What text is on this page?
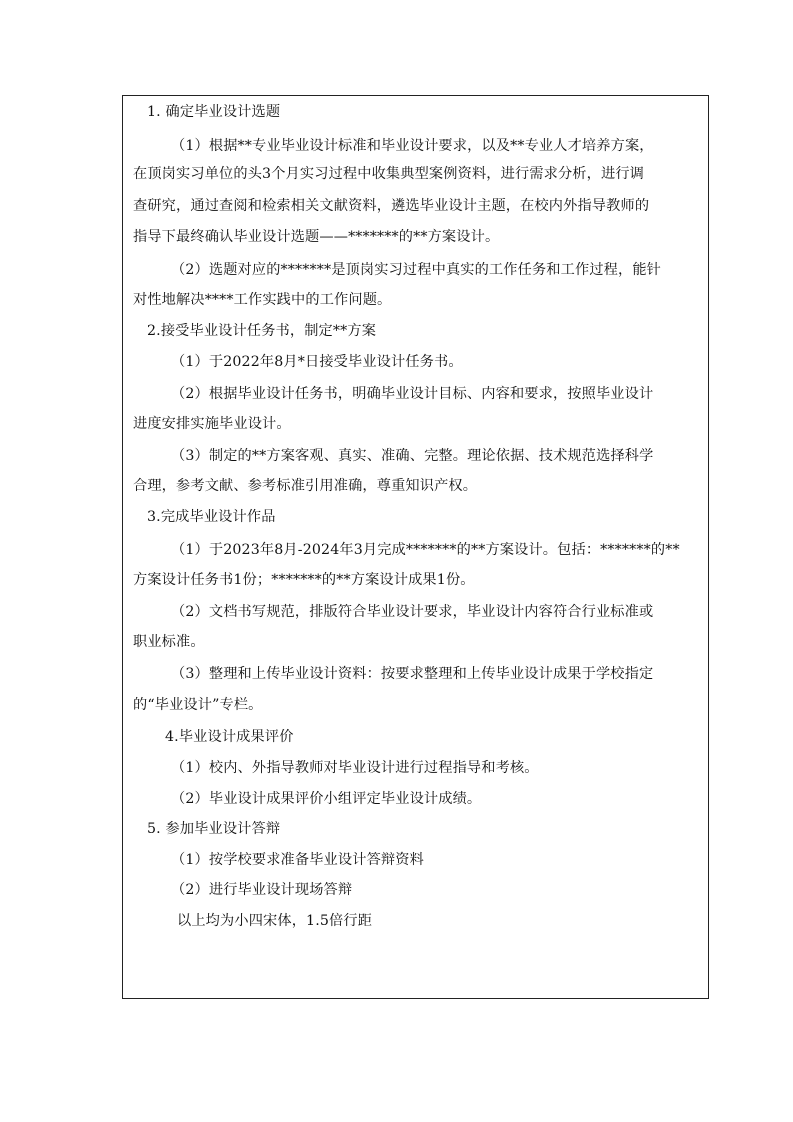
1. 确定毕业设计选题
（1）根据**专业毕业设计标准和毕业设计要求，以及**专业人才培养方案，
在顶岗实习单位的头3个月实习过程中收集典型案例资料，进行需求分析，进行调
查研究，通过查阅和检索相关文献资料，遴选毕业设计主题，在校内外指导教师的
指导下最终确认毕业设计选题——*******的**方案设计。
（2）选题对应的*******是顶岗实习过程中真实的工作任务和工作过程，能针
对性地解决****工作实践中的工作问题。
2.接受毕业设计任务书，制定**方案
（1）于2022年8月*日接受毕业设计任务书。
（2）根据毕业设计任务书，明确毕业设计目标、内容和要求，按照毕业设计
进度安排实施毕业设计。
（3）制定的**方案客观、真实、准确、完整。理论依据、技术规范选择科学
合理，参考文献、参考标准引用准确，尊重知识产权。
3.完成毕业设计作品
（1）于2023年8月-2024年3月完成*******的**方案设计。包括：*******的**
方案设计任务书1份；*******的**方案设计成果1份。
（2）文档书写规范，排版符合毕业设计要求，毕业设计内容符合行业标准或
职业标准。
（3）整理和上传毕业设计资料：按要求整理和上传毕业设计成果于学校指定
的“毕业设计”专栏。
4.毕业设计成果评价
（1）校内、外指导教师对毕业设计进行过程指导和考核。
（2）毕业设计成果评价小组评定毕业设计成绩。
5. 参加毕业设计答辩
（1）按学校要求准备毕业设计答辩资料
（2）进行毕业设计现场答辩
以上均为小四宋体，1.5倍行距
